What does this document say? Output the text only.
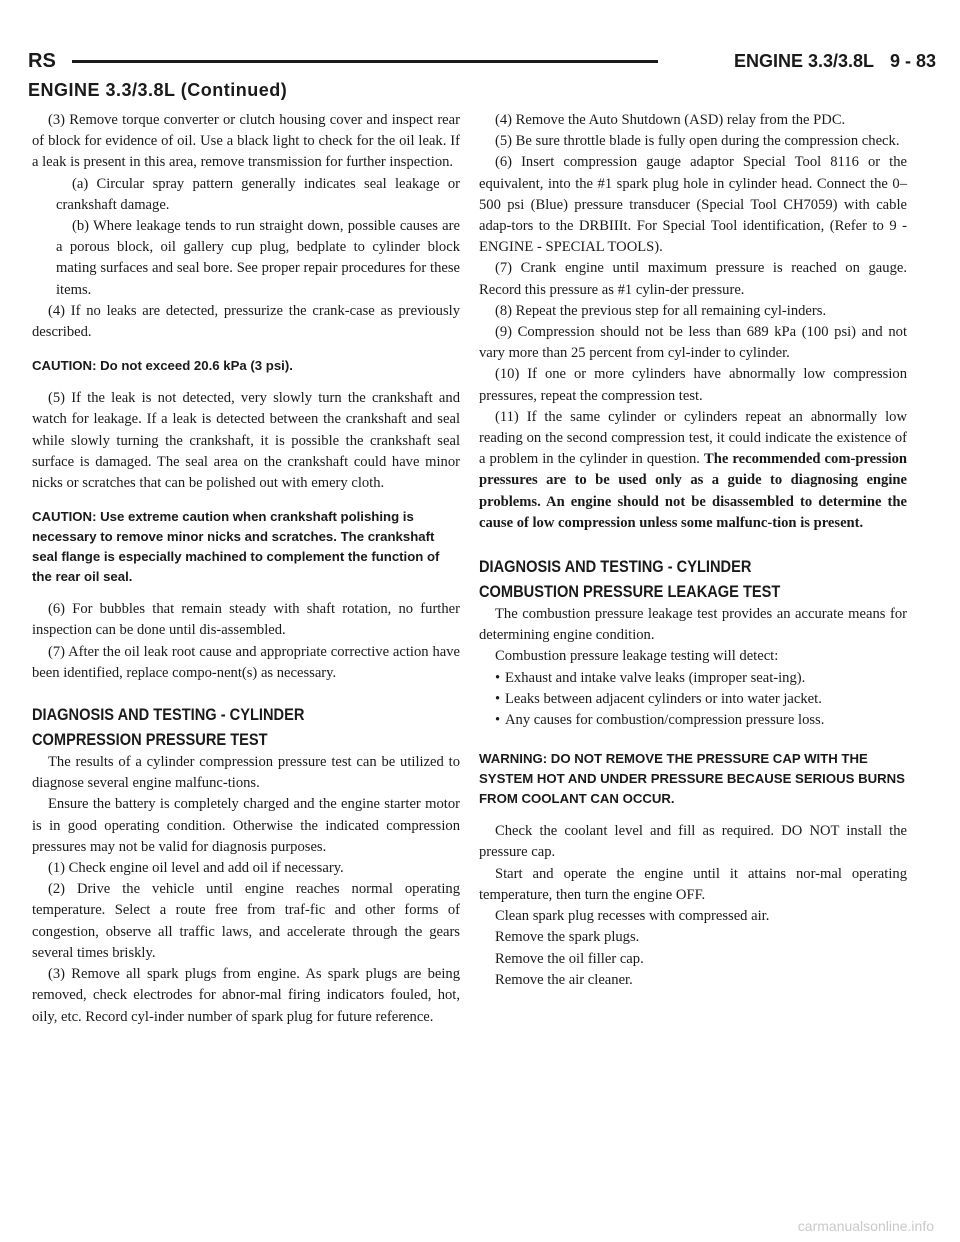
RS	ENGINE 3.3/3.8L 9 - 83
ENGINE 3.3/3.8L (Continued)

(3) Remove torque converter or clutch housing cover and inspect rear of block for evidence of oil. Use a black light to check for the oil leak. If a leak is present in this area, remove transmission for further inspection.

(a) Circular spray pattern generally indicates seal leakage or crankshaft damage.

(b) Where leakage tends to run straight down, possible causes are a porous block, oil gallery cup plug, bedplate to cylinder block mating surfaces and seal bore. See proper repair procedures for these items.

(4) If no leaks are detected, pressurize the crank-case as previously described.

CAUTION: Do not exceed 20.6 kPa (3 psi).

(5) If the leak is not detected, very slowly turn the crankshaft and watch for leakage. If a leak is detected between the crankshaft and seal while slowly turning the crankshaft, it is possible the crankshaft seal surface is damaged. The seal area on the crankshaft could have minor nicks or scratches that can be polished out with emery cloth.

CAUTION: Use extreme caution when crankshaft polishing is necessary to remove minor nicks and scratches. The crankshaft seal flange is especially machined to complement the function of the rear oil seal.

(6) For bubbles that remain steady with shaft rotation, no further inspection can be done until dis-assembled.

(7) After the oil leak root cause and appropriate corrective action have been identified, replace compo-nent(s) as necessary.

DIAGNOSIS AND TESTING - CYLINDER
COMPRESSION PRESSURE TEST

The results of a cylinder compression pressure test can be utilized to diagnose several engine malfunc-tions.

Ensure the battery is completely charged and the engine starter motor is in good operating condition. Otherwise the indicated compression pressures may not be valid for diagnosis purposes.

(1) Check engine oil level and add oil if necessary.

(2) Drive the vehicle until engine reaches normal operating temperature. Select a route free from traf-fic and other forms of congestion, observe all traffic laws, and accelerate through the gears several times briskly.

(3) Remove all spark plugs from engine. As spark plugs are being removed, check electrodes for abnor-mal firing indicators fouled, hot, oily, etc. Record cyl-inder number of spark plug for future reference.

(4) Remove the Auto Shutdown (ASD) relay from the PDC.

(5) Be sure throttle blade is fully open during the compression check.

(6) Insert compression gauge adaptor Special Tool 8116 or the equivalent, into the #1 spark plug hole in cylinder head. Connect the 0–500 psi (Blue) pressure transducer (Special Tool CH7059) with cable adap-tors to the DRBIIIt. For Special Tool identification, (Refer to 9 - ENGINE - SPECIAL TOOLS).

(7) Crank engine until maximum pressure is reached on gauge. Record this pressure as #1 cylin-der pressure.

(8) Repeat the previous step for all remaining cyl-inders.

(9) Compression should not be less than 689 kPa (100 psi) and not vary more than 25 percent from cyl-inder to cylinder.

(10) If one or more cylinders have abnormally low compression pressures, repeat the compression test.

(11) If the same cylinder or cylinders repeat an abnormally low reading on the second compression test, it could indicate the existence of a problem in the cylinder in question. The recommended com-pression pressures are to be used only as a guide to diagnosing engine problems. An engine should not be disassembled to determine the cause of low compression unless some malfunc-tion is present.

DIAGNOSIS AND TESTING - CYLINDER
COMBUSTION PRESSURE LEAKAGE TEST

The combustion pressure leakage test provides an accurate means for determining engine condition.

Combustion pressure leakage testing will detect:

• Exhaust and intake valve leaks (improper seat-ing).

• Leaks between adjacent cylinders or into water jacket.

• Any causes for combustion/compression pressure loss.

WARNING: DO NOT REMOVE THE PRESSURE CAP WITH THE SYSTEM HOT AND UNDER PRESSURE BECAUSE SERIOUS BURNS FROM COOLANT CAN OCCUR.

Check the coolant level and fill as required. DO NOT install the pressure cap.

Start and operate the engine until it attains nor-mal operating temperature, then turn the engine OFF.

Clean spark plug recesses with compressed air.

Remove the spark plugs.

Remove the oil filler cap.

Remove the air cleaner.

carmanualsonline.info
